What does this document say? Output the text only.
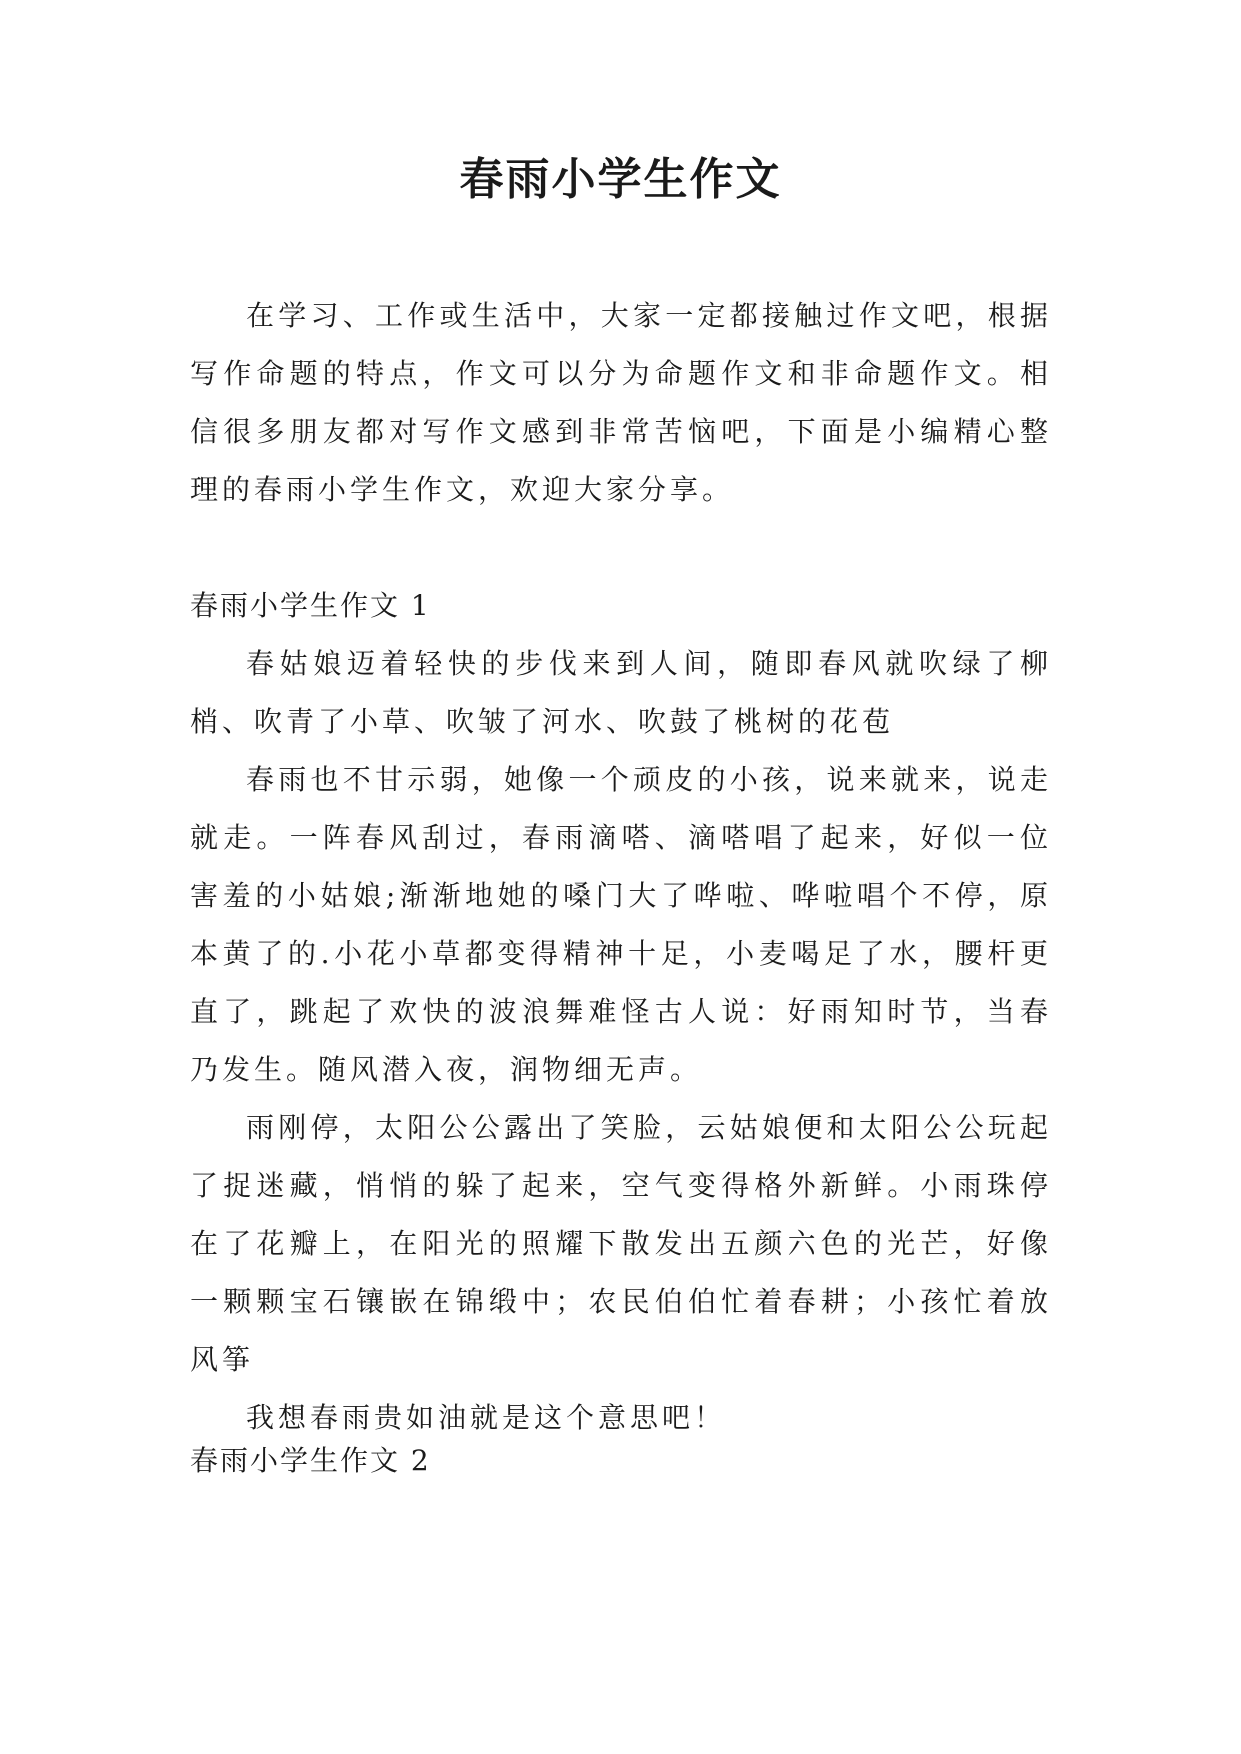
春雨小学生作文

在学习、工作或生活中，大家一定都接触过作文吧，根据写作命题的特点，作文可以分为命题作文和非命题作文。相信很多朋友都对写作文感到非常苦恼吧，下面是小编精心整理的春雨小学生作文，欢迎大家分享。

春雨小学生作文 1

春姑娘迈着轻快的步伐来到人间，随即春风就吹绿了柳梢、吹青了小草、吹皱了河水、吹鼓了桃树的花苞

春雨也不甘示弱，她像一个顽皮的小孩，说来就来，说走就走。一阵春风刮过，春雨滴嗒、滴嗒唱了起来，好似一位害羞的小姑娘;渐渐地她的嗓门大了哗啦、哗啦唱个不停，原本黄了的.小花小草都变得精神十足，小麦喝足了水，腰杆更直了，跳起了欢快的波浪舞难怪古人说：好雨知时节，当春乃发生。随风潜入夜，润物细无声。

雨刚停，太阳公公露出了笑脸，云姑娘便和太阳公公玩起了捉迷藏，悄悄的躲了起来，空气变得格外新鲜。小雨珠停在了花瓣上，在阳光的照耀下散发出五颜六色的光芒，好像一颗颗宝石镶嵌在锦缎中；农民伯伯忙着春耕；小孩忙着放风筝

我想春雨贵如油就是这个意思吧！

春雨小学生作文 2
